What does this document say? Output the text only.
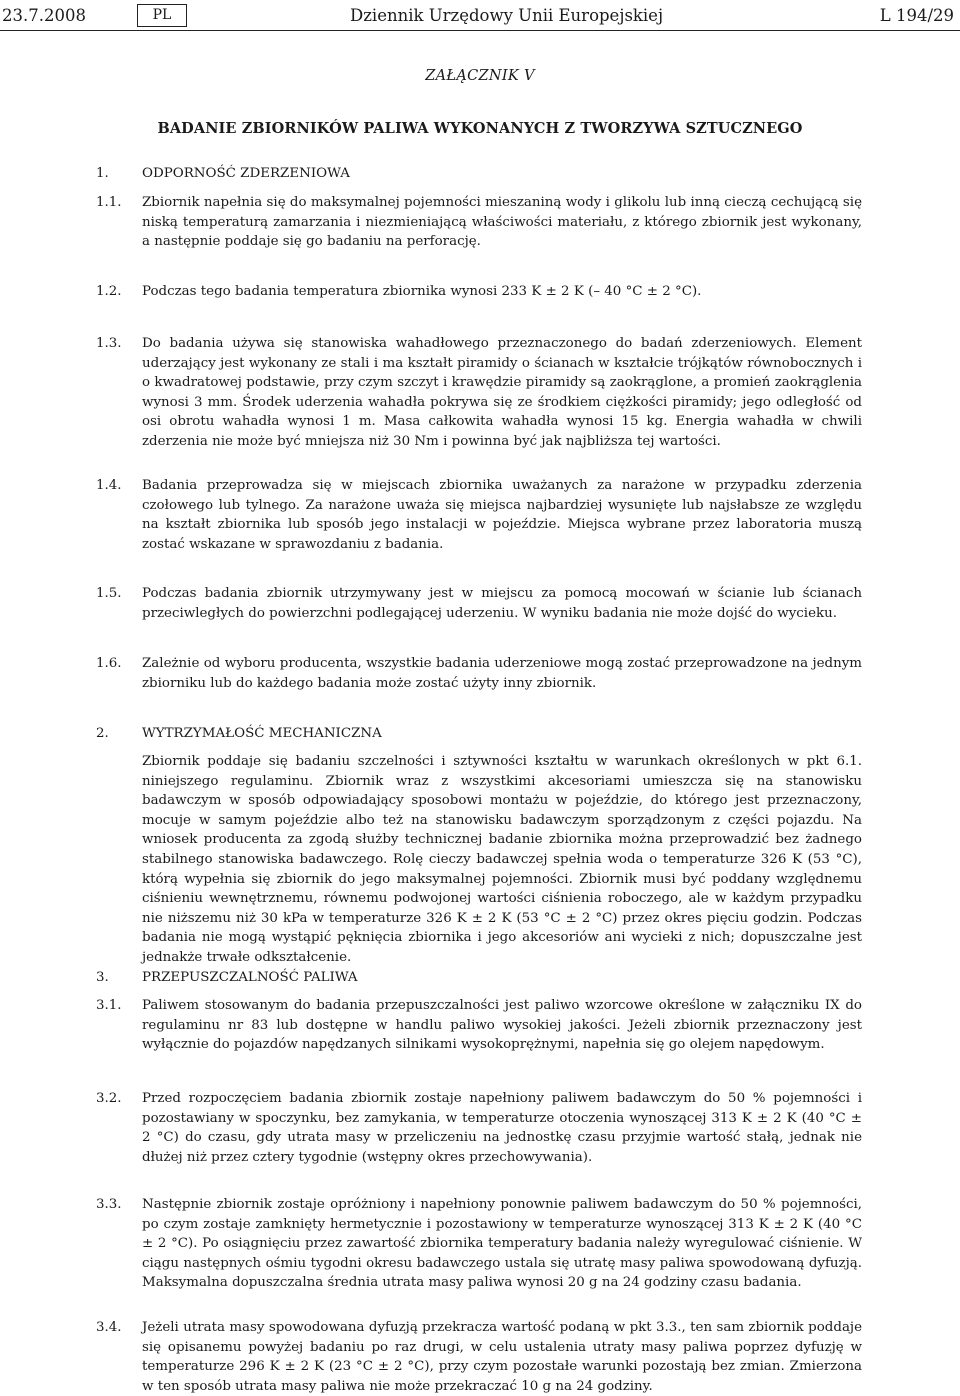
23.7.2008	PL	Dziennik Urzędowy Unii Europejskiej	L 194/29
ZAŁĄCZNIK V
BADANIE ZBIORNIKÓW PALIWA WYKONANYCH Z TWORZYWA SZTUCZNEGO
1.	ODPORNOŚĆ ZDERZENIOWA
1.1. Zbiornik napełnia się do maksymalnej pojemności mieszaniną wody i glikolu lub inną cieczą cechującą się niską temperaturą zamarzania i niezmieniającą właściwości materiału, z którego zbiornik jest wykonany, a następnie poddaje się go badaniu na perforację.
1.2. Podczas tego badania temperatura zbiornika wynosi 233 K ± 2 K (– 40 °C ± 2 °C).
1.3. Do badania używa się stanowiska wahadłowego przeznaczonego do badań zderzeniowych. Element uderzający jest wykonany ze stali i ma kształt piramidy o ścianach w kształcie trójkątów równobocznych i o kwadratowej podstawie, przy czym szczyt i krawędzie piramidy są zaokrąglone, a promień zaokrąglenia wynosi 3 mm. Środek uderzenia wahadła pokrywa się ze środkiem ciężkości piramidy; jego odległość od osi obrotu wahadła wynosi 1 m. Masa całkowita wahadła wynosi 15 kg. Energia wahadła w chwili zderzenia nie może być mniejsza niż 30 Nm i powinna być jak najbliższa tej wartości.
1.4. Badania przeprowadza się w miejscach zbiornika uważanych za narażone w przypadku zderzenia czołowego lub tylnego. Za narażone uważa się miejsca najbardziej wysunięte lub najsłabsze ze względu na kształt zbiornika lub sposób jego instalacji w pojeździe. Miejsca wybrane przez laboratoria muszą zostać wskazane w sprawozdaniu z badania.
1.5. Podczas badania zbiornik utrzymywany jest w miejscu za pomocą mocowań w ścianie lub ścianach przeciwległych do powierzchni podlegającej uderzeniu. W wyniku badania nie może dojść do wycieku.
1.6. Zależnie od wyboru producenta, wszystkie badania uderzeniowe mogą zostać przeprowadzone na jednym zbiorniku lub do każdego badania może zostać użyty inny zbiornik.
2.	WYTRZYMAŁOŚĆ MECHANICZNA
Zbiornik poddaje się badaniu szczelności i sztywności kształtu w warunkach określonych w pkt 6.1. niniejszego regulaminu. Zbiornik wraz z wszystkimi akcesoriami umieszcza się na stanowisku badawczym w sposób odpowiadający sposobowi montażu w pojeździe, do którego jest przeznaczony, mocuje w samym pojeździe albo też na stanowisku badawczym sporządzonym z części pojazdu. Na wniosek producenta za zgodą służby technicznej badanie zbiornika można przeprowadzić bez żadnego stabilnego stanowiska badawczego. Rolę cieczy badawczej spełnia woda o temperaturze 326 K (53 °C), którą wypełnia się zbiornik do jego maksymalnej pojemności. Zbiornik musi być poddany względnemu ciśnieniu wewnętrznemu, równemu podwojonej wartości ciśnienia roboczego, ale w każdym przypadku nie niższemu niż 30 kPa w temperaturze 326 K ± 2 K (53 °C ± 2 °C) przez okres pięciu godzin. Podczas badania nie mogą wystąpić pęknięcia zbiornika i jego akcesoriów ani wycieki z nich; dopuszczalne jest jednakże trwałe odkształcenie.
3.	PRZEPUSZCZALNOŚĆ PALIWA
3.1. Paliwem stosowanym do badania przepuszczalności jest paliwo wzorcowe określone w załączniku IX do regulaminu nr 83 lub dostępne w handlu paliwo wysokiej jakości. Jeżeli zbiornik przeznaczony jest wyłącznie do pojazdów napędzanych silnikami wysokoprężnymi, napełnia się go olejem napędowym.
3.2. Przed rozpoczęciem badania zbiornik zostaje napełniony paliwem badawczym do 50 % pojemności i pozostawiany w spoczynku, bez zamykania, w temperaturze otoczenia wynoszącej 313 K ± 2 K (40 °C ± 2 °C) do czasu, gdy utrata masy w przeliczeniu na jednostkę czasu przyjmie wartość stałą, jednak nie dłużej niż przez cztery tygodnie (wstępny okres przechowywania).
3.3. Następnie zbiornik zostaje opróżniony i napełniony ponownie paliwem badawczym do 50 % pojemności, po czym zostaje zamknięty hermetycznie i pozostawiony w temperaturze wynoszącej 313 K ± 2 K (40 °C ± 2 °C). Po osiągnięciu przez zawartość zbiornika temperatury badania należy wyregulować ciśnienie. W ciągu następnych ośmiu tygodni okresu badawczego ustala się utratę masy paliwa spowodowaną dyfuzją. Maksymalna dopuszczalna średnia utrata masy paliwa wynosi 20 g na 24 godziny czasu badania.
3.4. Jeżeli utrata masy spowodowana dyfuzją przekracza wartość podaną w pkt 3.3., ten sam zbiornik poddaje się opisanemu powyżej badaniu po raz drugi, w celu ustalenia utraty masy paliwa poprzez dyfuzję w temperaturze 296 K ± 2 K (23 °C ± 2 °C), przy czym pozostałe warunki pozostają bez zmian. Zmierzona w ten sposób utrata masy paliwa nie może przekraczać 10 g na 24 godziny.
